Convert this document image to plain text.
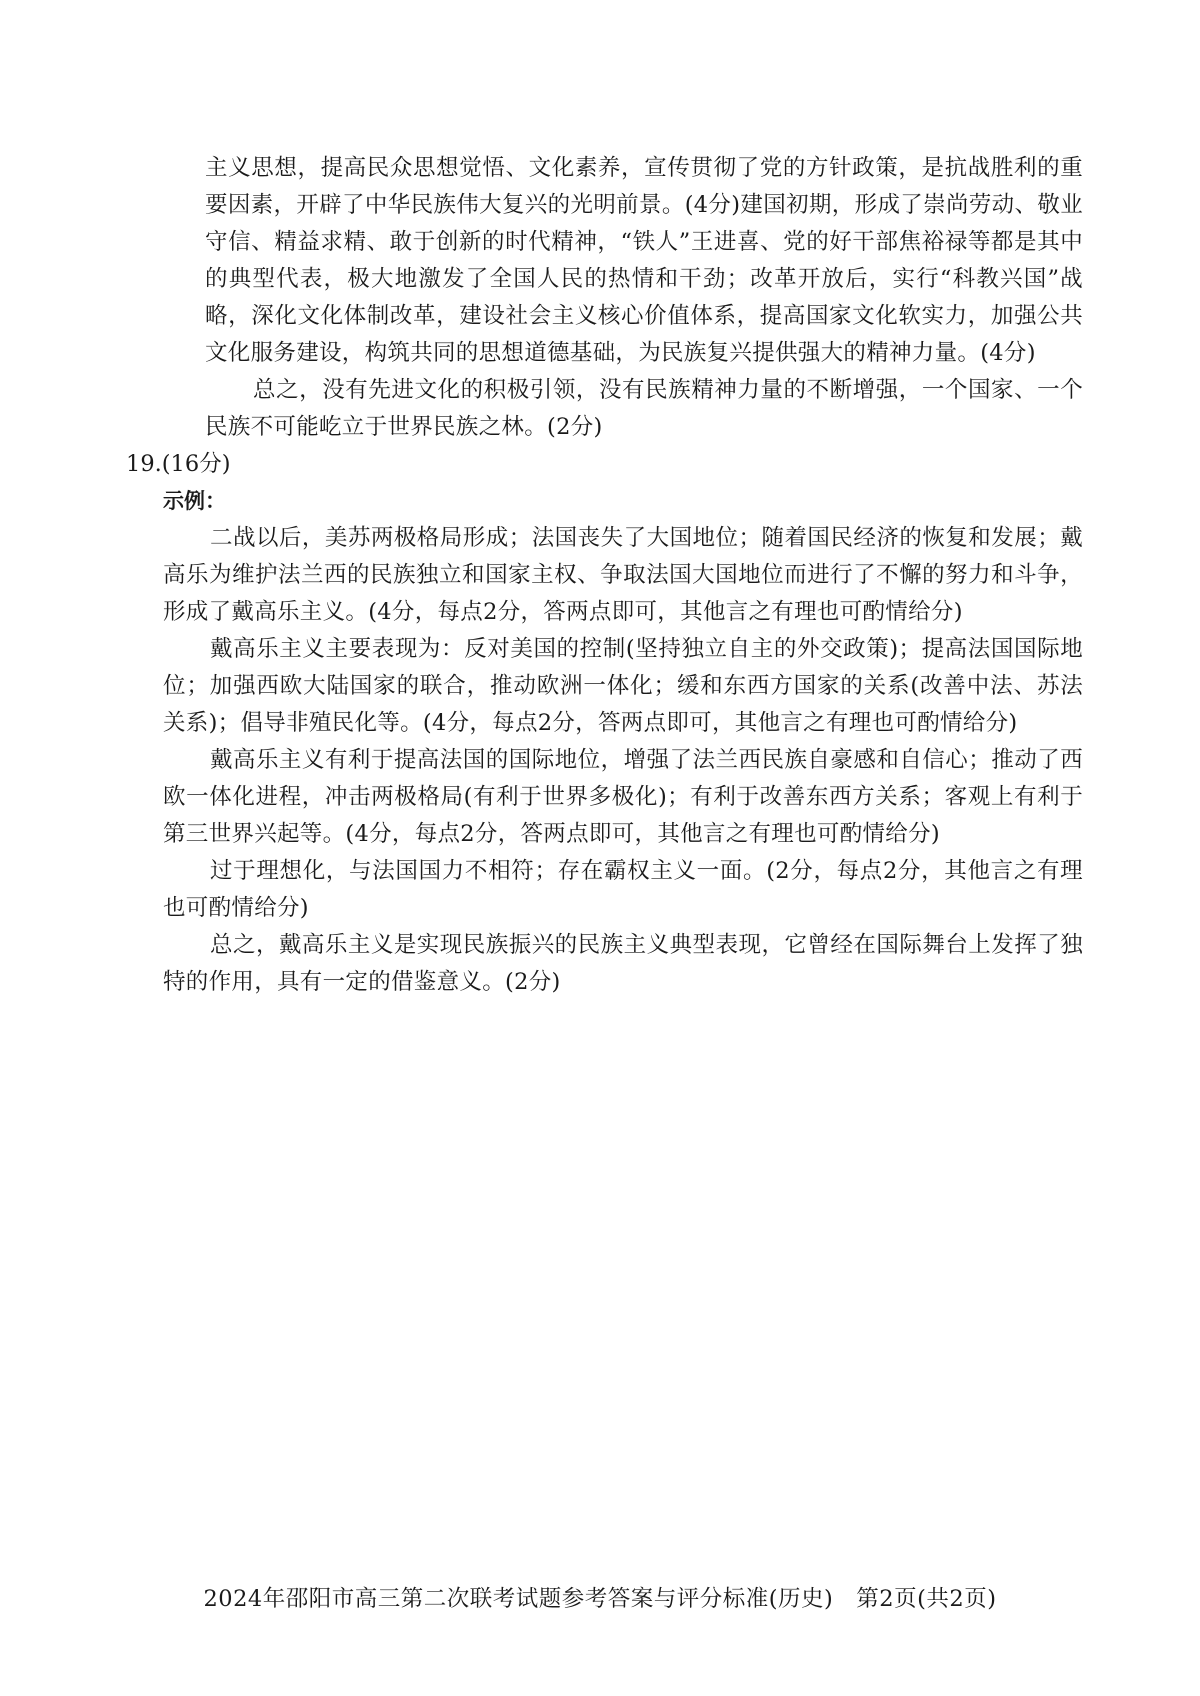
主义思想，提高民众思想觉悟、文化素养，宣传贯彻了党的方针政策，是抗战胜利的重要因素，开辟了中华民族伟大复兴的光明前景。(4分)建国初期，形成了崇尚劳动、敬业守信、精益求精、敢于创新的时代精神，“铁人”王进喜、党的好干部焦裕禄等都是其中的典型代表，极大地激发了全国人民的热情和干劲；改革开放后，实行“科教兴国”战略，深化文化体制改革，建设社会主义核心价值体系，提高国家文化软实力，加强公共文化服务建设，构筑共同的思想道德基础，为民族复兴提供强大的精神力量。(4分)

总之，没有先进文化的积极引领，没有民族精神力量的不断增强，一个国家、一个民族不可能屹立于世界民族之林。(2分)

19.(16分)

示例：

二战以后，美苏两极格局形成；法国丧失了大国地位；随着国民经济的恢复和发展；戴高乐为维护法兰西的民族独立和国家主权、争取法国大国地位而进行了不懈的努力和斗争，形成了戴高乐主义。(4分，每点2分，答两点即可，其他言之有理也可酌情给分)

戴高乐主义主要表现为：反对美国的控制(坚持独立自主的外交政策)；提高法国国际地位；加强西欧大陆国家的联合，推动欧洲一体化；缓和东西方国家的关系(改善中法、苏法关系)；倡导非殖民化等。(4分，每点2分，答两点即可，其他言之有理也可酌情给分)

戴高乐主义有利于提高法国的国际地位，增强了法兰西民族自豪感和自信心；推动了西欧一体化进程，冲击两极格局(有利于世界多极化)；有利于改善东西方关系；客观上有利于第三世界兴起等。(4分，每点2分，答两点即可，其他言之有理也可酌情给分)

过于理想化，与法国国力不相符；存在霸权主义一面。(2分，每点2分，其他言之有理也可酌情给分)

总之，戴高乐主义是实现民族振兴的民族主义典型表现，它曾经在国际舞台上发挥了独特的作用，具有一定的借鉴意义。(2分)

2024年邵阳市高三第二次联考试题参考答案与评分标准(历史)　第2页(共2页)
